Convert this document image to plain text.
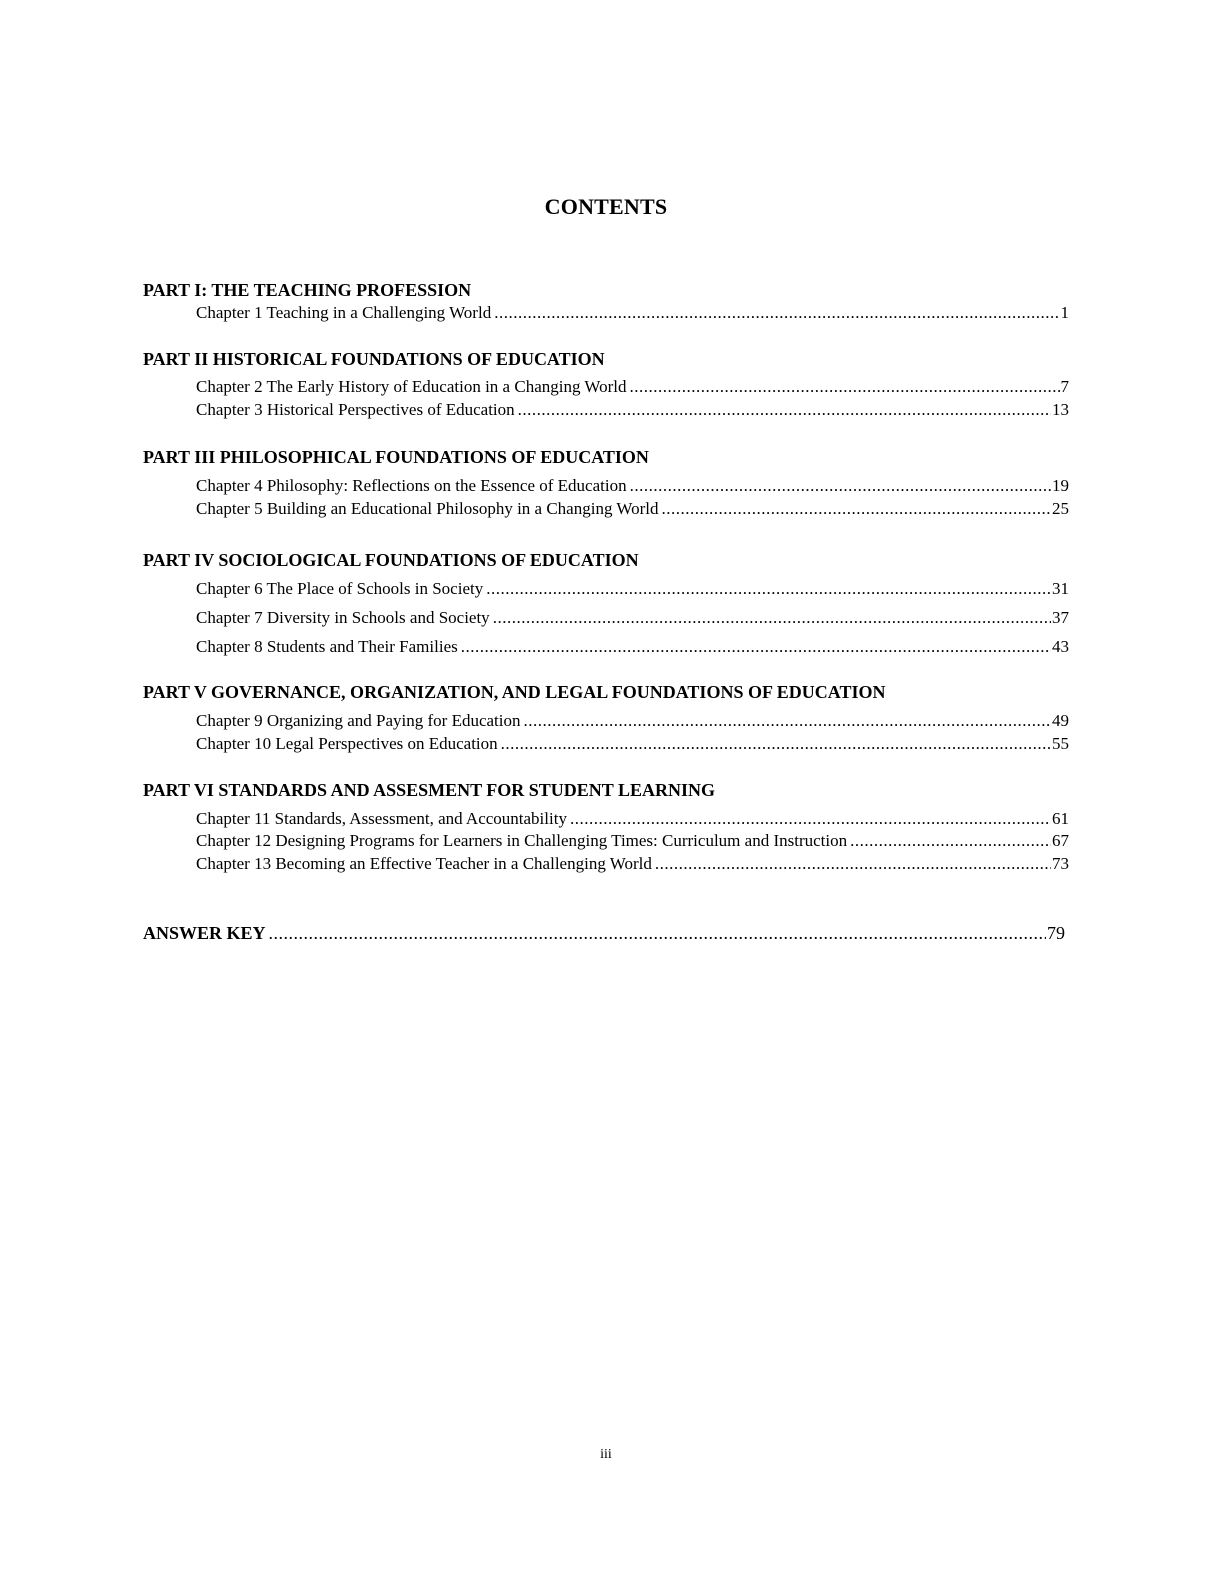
CONTENTS
PART I: THE TEACHING PROFESSION
Chapter 1 Teaching in a Challenging World .....	1
PART II HISTORICAL FOUNDATIONS OF EDUCATION
Chapter 2 The Early History of Education in a Changing World .....	7
Chapter 3 Historical Perspectives of Education .....	13
PART III PHILOSOPHICAL FOUNDATIONS OF EDUCATION
Chapter 4 Philosophy: Reflections on the Essence of Education .....	19
Chapter 5 Building an Educational Philosophy in a Changing World .....	25
PART IV SOCIOLOGICAL FOUNDATIONS OF EDUCATION
Chapter 6 The Place of Schools in Society .....	31
Chapter 7 Diversity in Schools and Society .....	37
Chapter 8 Students and Their Families .....	43
PART V GOVERNANCE, ORGANIZATION, AND LEGAL FOUNDATIONS OF EDUCATION
Chapter 9 Organizing and Paying for Education .....	49
Chapter 10 Legal Perspectives on Education .....	55
PART VI STANDARDS AND ASSESMENT FOR STUDENT LEARNING
Chapter 11 Standards, Assessment, and Accountability .....	61
Chapter 12 Designing Programs for Learners in Challenging Times: Curriculum and Instruction .....	67
Chapter 13 Becoming an Effective Teacher in a Challenging World .....	73
ANSWER KEY .....	79
iii
